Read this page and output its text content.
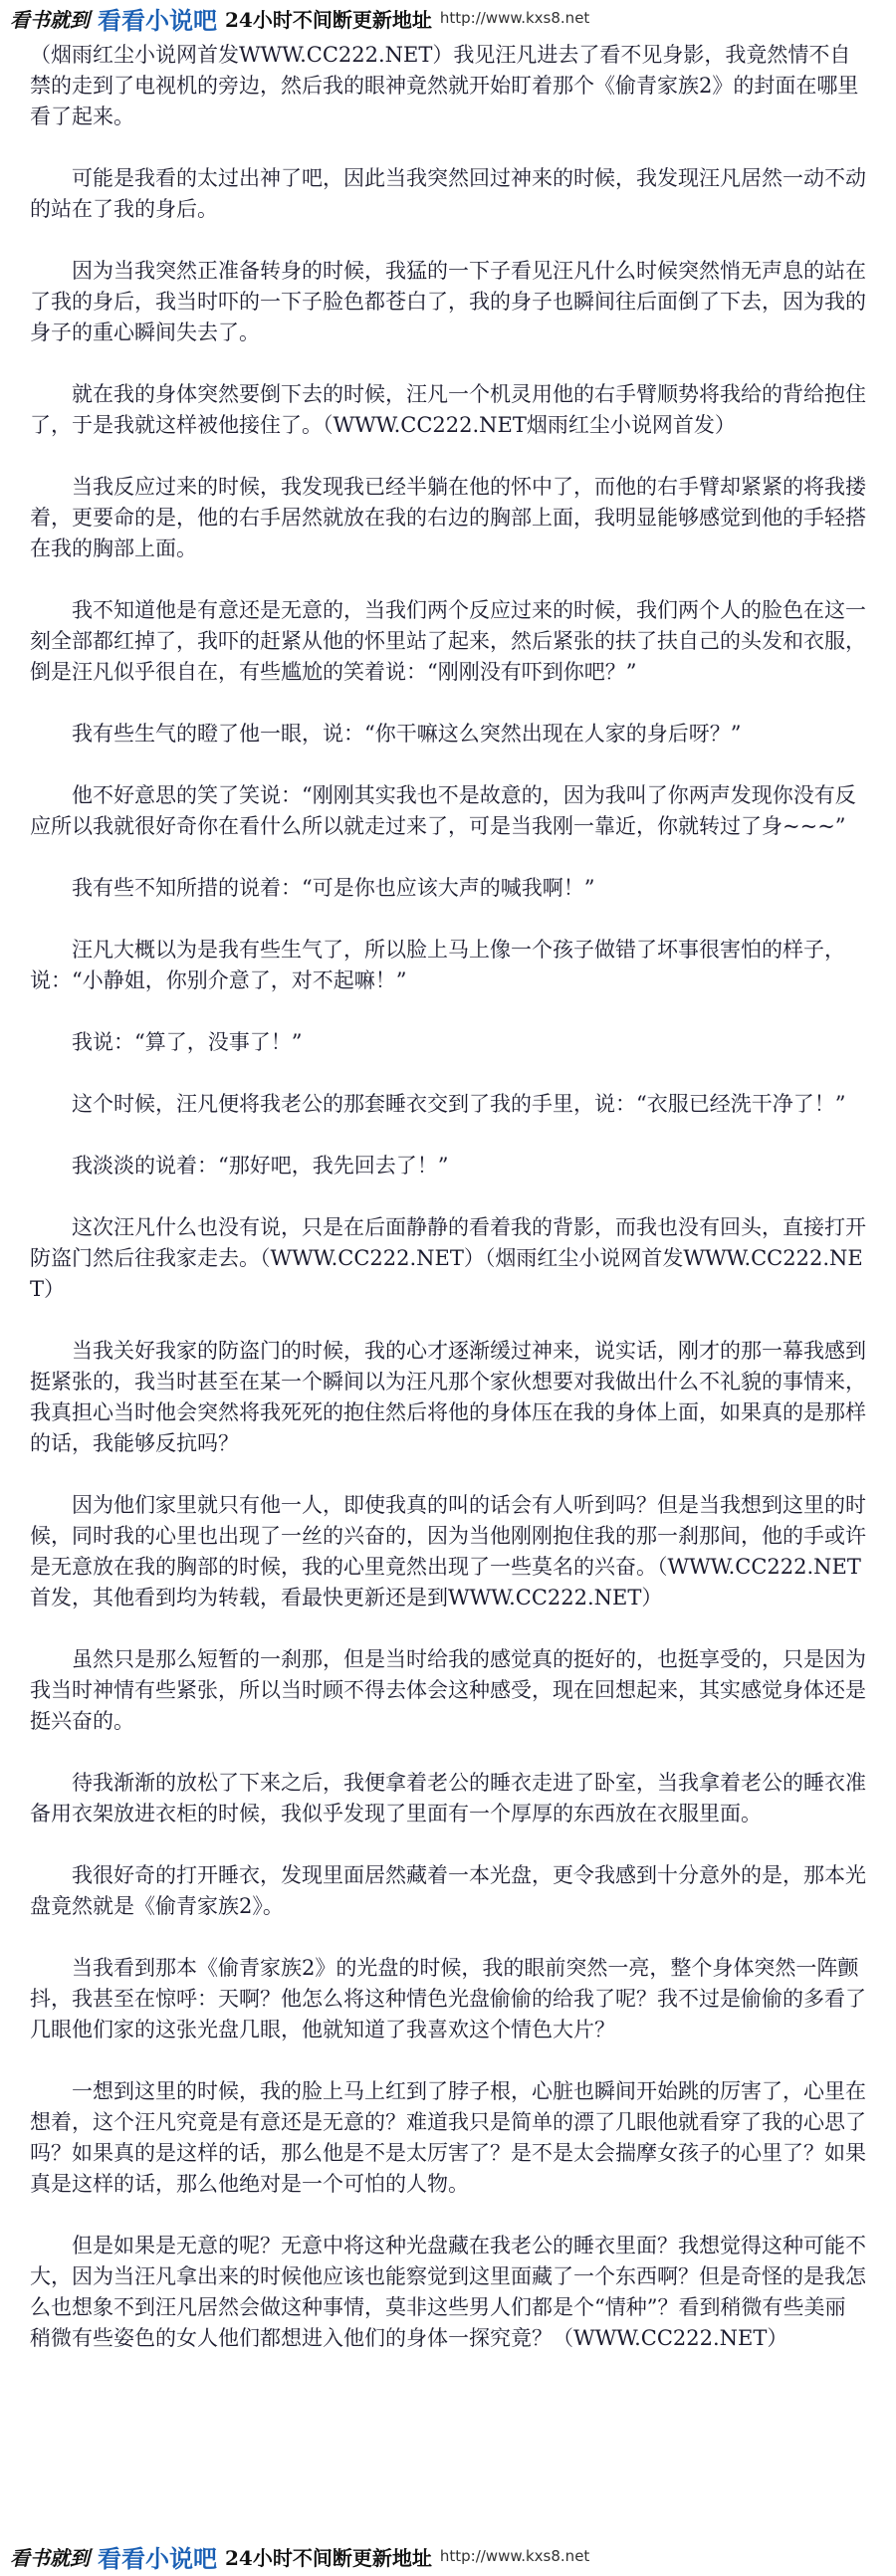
看书就到 看看小说吧 24小时不间断更新地址 http://www.kxs8.net

（烟雨红尘小说网首发WWW.CC222.NET）我见汪凡进去了看不见身影，我竟然情不自禁的走到了电视机的旁边，然后我的眼神竟然就开始盯着那个《偷青家族2》的封面在哪里看了起来。

可能是我看的太过出神了吧，因此当我突然回过神来的时候，我发现汪凡居然一动不动的站在了我的身后。

因为当我突然正准备转身的时候，我猛的一下子看见汪凡什么时候突然悄无声息的站在了我的身后，我当时吓的一下子脸色都苍白了，我的身子也瞬间往后面倒了下去，因为我的身子的重心瞬间失去了。

就在我的身体突然要倒下去的时候，汪凡一个机灵用他的右手臂顺势将我给的背给抱住了，于是我就这样被他接住了。（WWW.CC222.NET烟雨红尘小说网首发）

当我反应过来的时候，我发现我已经半躺在他的怀中了，而他的右手臂却紧紧的将我搂着，更要命的是，他的右手居然就放在我的右边的胸部上面，我明显能够感觉到他的手轻搭在我的胸部上面。

我不知道他是有意还是无意的，当我们两个反应过来的时候，我们两个人的脸色在这一刻全部都红掉了，我吓的赶紧从他的怀里站了起来，然后紧张的扶了扶自己的头发和衣服，倒是汪凡似乎很自在，有些尴尬的笑着说：“刚刚没有吓到你吧？”

我有些生气的瞪了他一眼，说：“你干嘛这么突然出现在人家的身后呀？”

他不好意思的笑了笑说：“刚刚其实我也不是故意的，因为我叫了你两声发现你没有反应所以我就很好奇你在看什么所以就走过来了，可是当我刚一靠近，你就转过了身~~~”

我有些不知所措的说着：“可是你也应该大声的喊我啊！”

汪凡大概以为是我有些生气了，所以脸上马上像一个孩子做错了坏事很害怕的样子，说：“小静姐，你别介意了，对不起嘛！”

我说：“算了，没事了！”

这个时候，汪凡便将我老公的那套睡衣交到了我的手里，说：“衣服已经洗干净了！”

我淡淡的说着：“那好吧，我先回去了！”

这次汪凡什么也没有说，只是在后面静静的看着我的背影，而我也没有回头，直接打开防盗门然后往我家走去。（WWW.CC222.NET）（烟雨红尘小说网首发WWW.CC222.NET）

当我关好我家的防盗门的时候，我的心才逐渐缓过神来，说实话，刚才的那一幕我感到挺紧张的，我当时甚至在某一个瞬间以为汪凡那个家伙想要对我做出什么不礼貌的事情来，我真担心当时他会突然将我死死的抱住然后将他的身体压在我的身体上面，如果真的是那样的话，我能够反抗吗？

因为他们家里就只有他一人，即使我真的叫的话会有人听到吗？但是当我想到这里的时候，同时我的心里也出现了一丝的兴奋的，因为当他刚刚抱住我的那一刹那间，他的手或许是无意放在我的胸部的时候，我的心里竟然出现了一些莫名的兴奋。（WWW.CC222.NET首发，其他看到均为转载，看最快更新还是到WWW.CC222.NET）

虽然只是那么短暂的一刹那，但是当时给我的感觉真的挺好的，也挺享受的，只是因为我当时神情有些紧张，所以当时顾不得去体会这种感受，现在回想起来，其实感觉身体还是挺兴奋的。

待我渐渐的放松了下来之后，我便拿着老公的睡衣走进了卧室，当我拿着老公的睡衣准备用衣架放进衣柜的时候，我似乎发现了里面有一个厚厚的东西放在衣服里面。

我很好奇的打开睡衣，发现里面居然藏着一本光盘，更令我感到十分意外的是，那本光盘竟然就是《偷青家族2》。

当我看到那本《偷青家族2》的光盘的时候，我的眼前突然一亮，整个身体突然一阵颤抖，我甚至在惊呼：天啊？他怎么将这种情色光盘偷偷的给我了呢？我不过是偷偷的多看了几眼他们家的这张光盘几眼，他就知道了我喜欢这个情色大片？

一想到这里的时候，我的脸上马上红到了脖子根，心脏也瞬间开始跳的厉害了，心里在想着，这个汪凡究竟是有意还是无意的？难道我只是简单的漂了几眼他就看穿了我的心思了吗？如果真的是这样的话，那么他是不是太厉害了？是不是太会揣摩女孩子的心里了？如果真是这样的话，那么他绝对是一个可怕的人物。

但是如果是无意的呢？无意中将这种光盘藏在我老公的睡衣里面？我想觉得这种可能不大，因为当汪凡拿出来的时候他应该也能察觉到这里面藏了一个东西啊？但是奇怪的是我怎么也想象不到汪凡居然会做这种事情，莫非这些男人们都是个“情种”？看到稍微有些美丽稍微有些姿色的女人他们都想进入他们的身体一探究竟？（WWW.CC222.NET）

看书就到 看看小说吧 24小时不间断更新地址 http://www.kxs8.net
